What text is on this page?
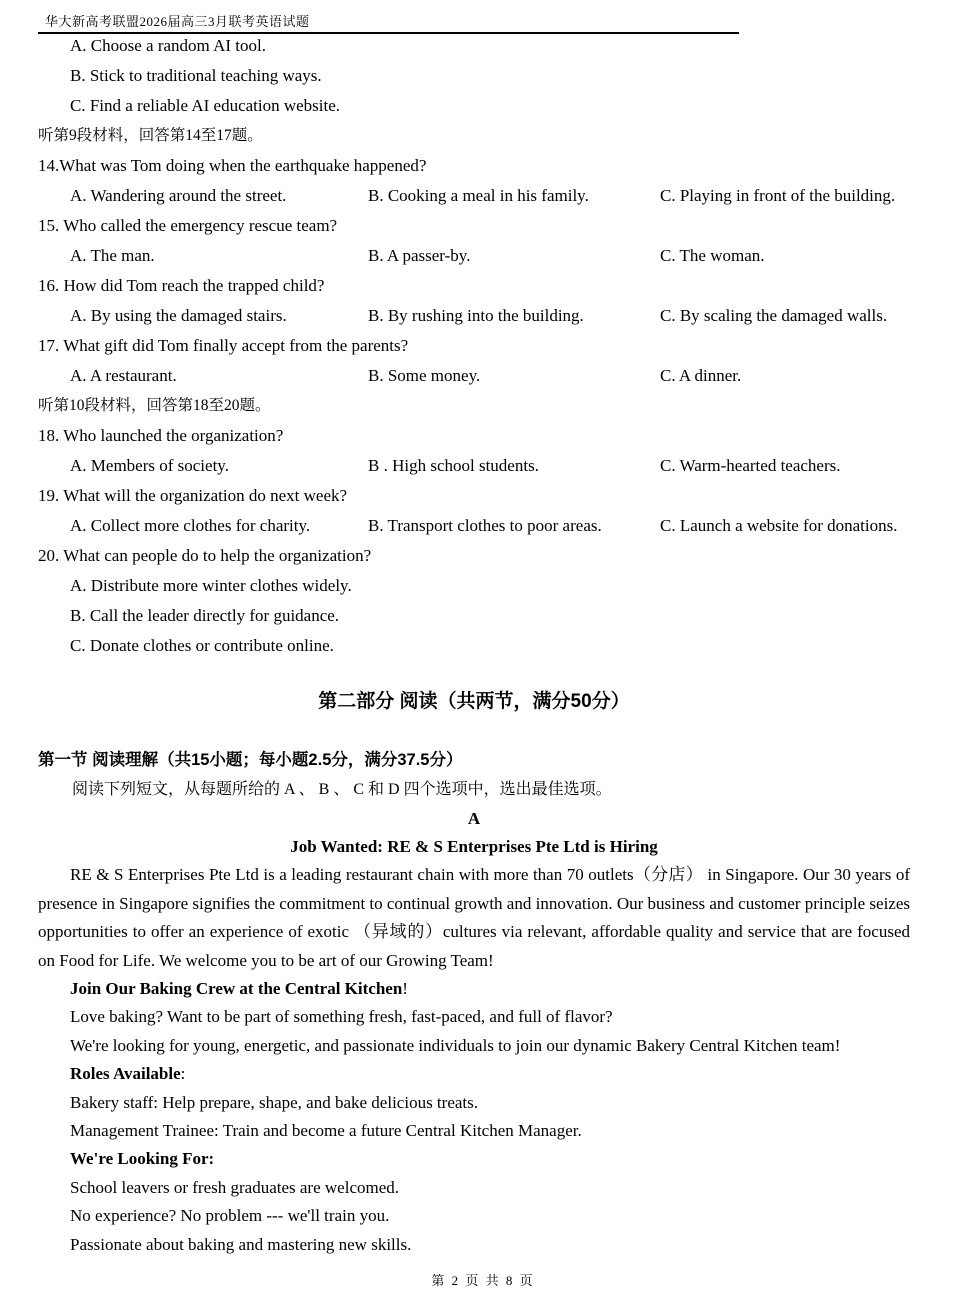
华大新高考联盟2026届高三3月联考英语试题
A. Choose a random AI tool.
B. Stick to traditional teaching ways.
C. Find a reliable AI education website.
听第9段材料，回答第14至17题。
14.What was Tom doing when the earthquake happened?
A. Wandering around the street.	B. Cooking a meal in his family.	C. Playing in front of the building.
15. Who called the emergency rescue team?
A. The man.	B. A passer-by.	C. The woman.
16. How did Tom reach the trapped child?
A. By using the damaged stairs.	B. By rushing into the building.	C. By scaling the damaged walls.
17. What gift did Tom finally accept from the parents?
A. A restaurant.	B. Some money.	C. A dinner.
听第10段材料，回答第18至20题。
18. Who launched the organization?
A. Members of society.	B . High school students.	C. Warm-hearted teachers.
19. What will the organization do next week?
A. Collect more clothes for charity.	B. Transport clothes to poor areas.	C. Launch a website for donations.
20. What can people do to help the organization?
A. Distribute more winter clothes widely.
B. Call the leader directly for guidance.
C. Donate clothes or contribute online.
第二部分 阅读（共两节，满分50分）
第一节 阅读理解（共15小题；每小题2.5分，满分37.5分）
阅读下列短文，从每题所给的 A 、 B 、 C 和 D 四个选项中，选出最佳选项。
A
Job Wanted: RE & S Enterprises Pte Ltd is Hiring

RE & S Enterprises Pte Ltd is a leading restaurant chain with more than 70 outlets（分店） in Singapore. Our 30 years of presence in Singapore signifies the commitment to continual growth and innovation. Our business and customer principle seizes opportunities to offer an experience of exotic （异域的）cultures via relevant, affordable quality and service that are focused on Food for Life. We welcome you to be art of our Growing Team!

Join Our Baking Crew at the Central Kitchen!
Love baking? Want to be part of something fresh, fast-paced, and full of flavor?
We're looking for young, energetic, and passionate individuals to join our dynamic Bakery Central Kitchen team!
Roles Available:
Bakery staff: Help prepare, shape, and bake delicious treats.
Management Trainee: Train and become a future Central Kitchen Manager.
We're Looking For:
School leavers or fresh graduates are welcomed.
No experience? No problem --- we'll train you.
Passionate about baking and mastering new skills.
第 2 页 共 8 页
